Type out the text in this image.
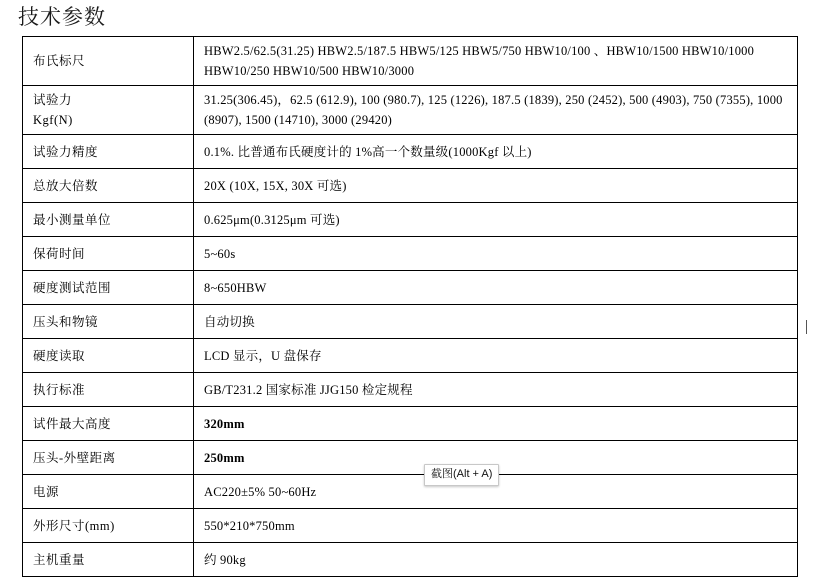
技术参数
布氏标尺	HBW2.5/62.5(31.25) HBW2.5/187.5 HBW5/125 HBW5/750 HBW10/100 、HBW10/1500 HBW10/1000 HBW10/250 HBW10/500 HBW10/3000

试验力
Kgf(N)	31.25(306.45)，62.5 (612.9), 100 (980.7), 125 (1226), 187.5 (1839), 250 (2452), 500 (4903), 750 (7355), 1000 (8907), 1500 (14710), 3000 (29420)
试验力精度	0.1%. 比普通布氏硬度计的 1%高一个数量级(1000Kgf 以上)
总放大倍数	20X (10X, 15X, 30X 可选)
最小测量单位	0.625μm(0.3125μm 可选)
保荷时间	5~60s
硬度测试范围	8~650HBW
压头和物镜	自动切换
硬度读取	LCD 显示，U 盘保存
执行标准	GB/T231.2 国家标准 JJG150 检定规程
试件最大高度	320mm
压头-外壁距离	250mm
电源	AC220±5% 50~60Hz
外形尺寸(mm)	550*210*750mm
主机重量	约 90kg
截图(Alt + A)
